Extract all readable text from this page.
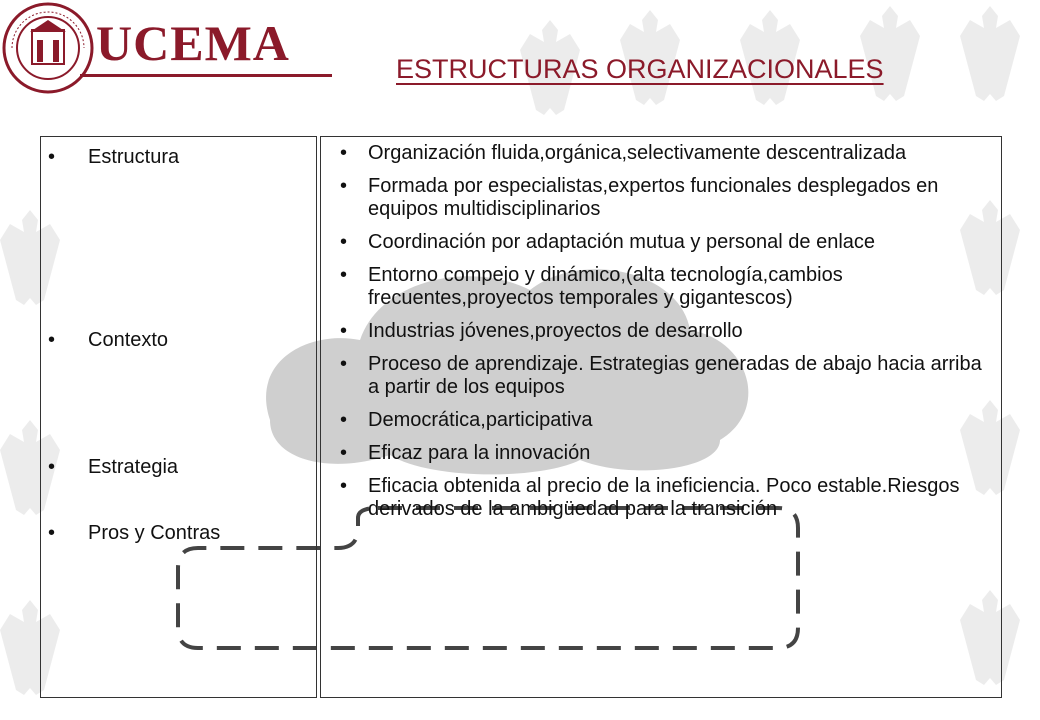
UCEMA	ESTRUCTURAS ORGANIZACIONALES
• Estructura
• Contexto
• Estrategia
• Pros y Contras
• Organización fluida,orgánica,selectivamente descentralizada
• Formada por especialistas,expertos funcionales desplegados en equipos multidisciplinarios
• Coordinación por adaptación mutua y personal de enlace
• Entorno compejo y dinámico,(alta tecnología,cambios frecuentes,proyectos temporales y gigantescos)
• Industrias jóvenes,proyectos de desarrollo
• Proceso de aprendizaje. Estrategias generadas de abajo hacia arriba a partir de los equipos
• Democrática,participativa
• Eficaz para la innovación
• Eficacia obtenida al precio de la ineficiencia. Poco estable.Riesgos derivados de la ambigüedad para la transición
